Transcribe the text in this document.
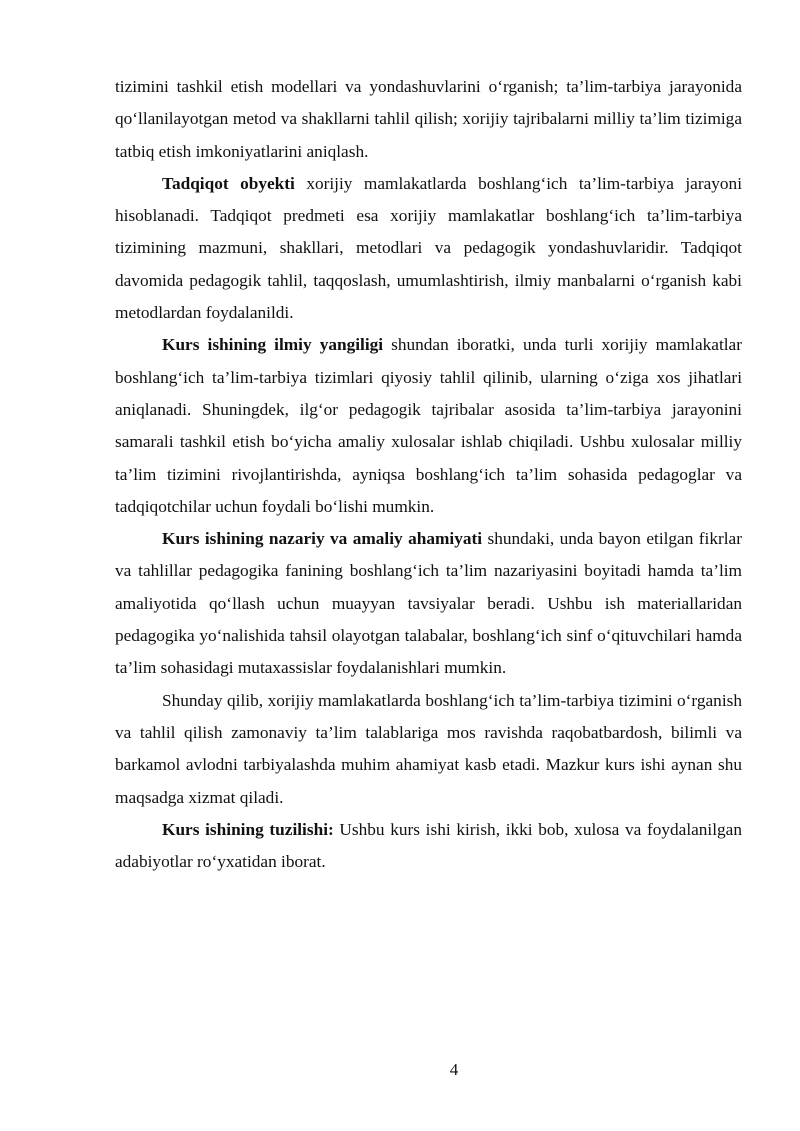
tizimini tashkil etish modellari va yondashuvlarini o‘rganish; ta’lim-tarbiya jarayonida qo‘llanilayotgan metod va shakllarni tahlil qilish; xorijiy tajribalarni milliy ta’lim tizimiga tatbiq etish imkoniyatlarini aniqlash.

Tadqiqot obyekti xorijiy mamlakatlarda boshlang‘ich ta’lim-tarbiya jarayoni hisoblanadi. Tadqiqot predmeti esa xorijiy mamlakatlar boshlang‘ich ta’lim-tarbiya tizimining mazmuni, shakllari, metodlari va pedagogik yondashuvlaridir. Tadqiqot davomida pedagogik tahlil, taqqoslash, umumlashtirish, ilmiy manbalarni o‘rganish kabi metodlardan foydalanildi.

Kurs ishining ilmiy yangiligi shundan iboratki, unda turli xorijiy mamlakatlar boshlang‘ich ta’lim-tarbiya tizimlari qiyosiy tahlil qilinib, ularning o‘ziga xos jihatlari aniqlanadi. Shuningdek, ilg‘or pedagogik tajribalar asosida ta’lim-tarbiya jarayonini samarali tashkil etish bo‘yicha amaliy xulosalar ishlab chiqiladi. Ushbu xulosalar milliy ta’lim tizimini rivojlantirishda, ayniqsa boshlang‘ich ta’lim sohasida pedagoglar va tadqiqotchilar uchun foydali bo‘lishi mumkin.

Kurs ishining nazariy va amaliy ahamiyati shundaki, unda bayon etilgan fikrlar va tahlillar pedagogika fanining boshlang‘ich ta’lim nazariyasini boyitadi hamda ta’lim amaliyotida qo‘llash uchun muayyan tavsiyalar beradi. Ushbu ish materiallaridan pedagogika yo‘nalishida tahsil olayotgan talabalar, boshlang‘ich sinf o‘qituvchilari hamda ta’lim sohasidagi mutaxassislar foydalanishlari mumkin.

Shunday qilib, xorijiy mamlakatlarda boshlang‘ich ta’lim-tarbiya tizimini o‘rganish va tahlil qilish zamonaviy ta’lim talablariga mos ravishda raqobatbardosh, bilimli va barkamol avlodni tarbiyalashda muhim ahamiyat kasb etadi. Mazkur kurs ishi aynan shu maqsadga xizmat qiladi.

Kurs ishining tuzilishi: Ushbu kurs ishi kirish, ikki bob, xulosa va foydalanilgan adabiyotlar ro‘yxatidan iborat.

4
